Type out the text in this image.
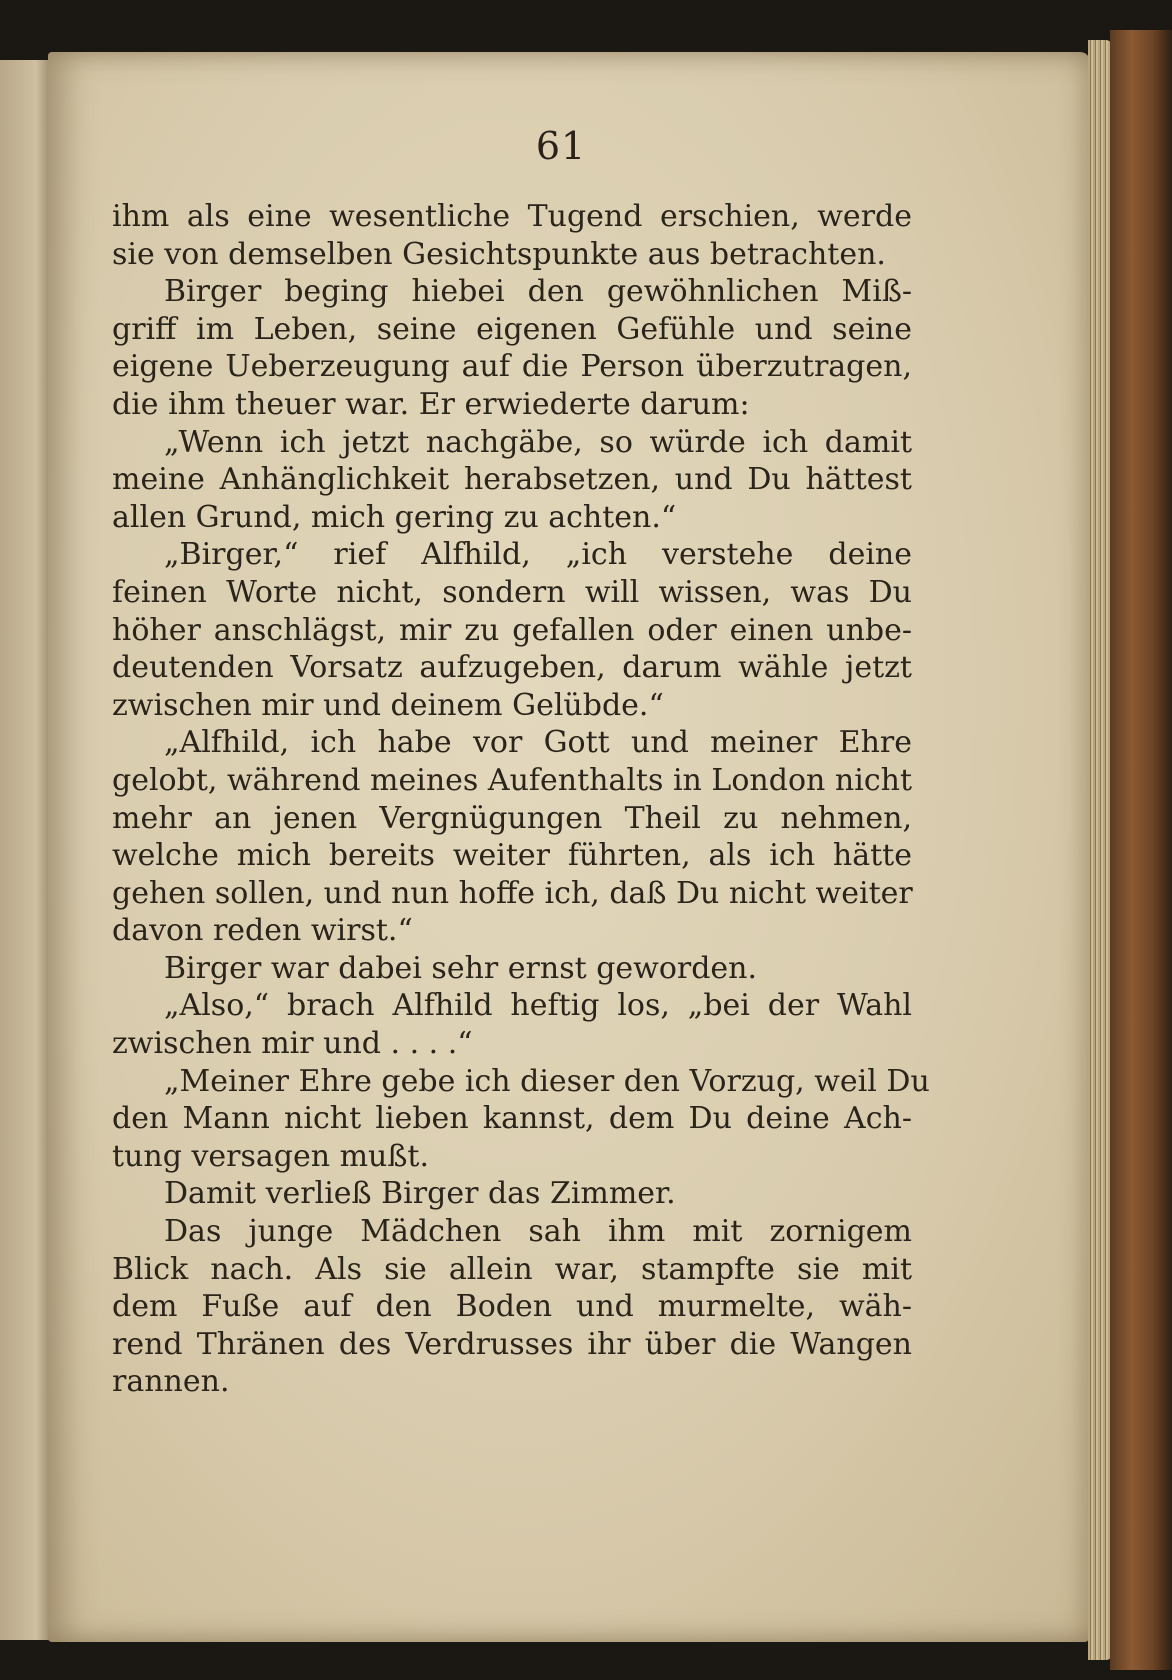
61
ihm als eine wesentliche Tugend erschien, werde
sie von demselben Gesichtspunkte aus betrachten.
Birger beging hiebei den gewöhnlichen Miß-
griff im Leben, seine eigenen Gefühle und seine
eigene Ueberzeugung auf die Person überzutragen,
die ihm theuer war. Er erwiederte darum:
„Wenn ich jetzt nachgäbe, so würde ich damit
meine Anhänglichkeit herabsetzen, und Du hättest
allen Grund, mich gering zu achten.“
„Birger,“ rief Alfhild, „ich verstehe deine
feinen Worte nicht, sondern will wissen, was Du
höher anschlägst, mir zu gefallen oder einen unbe-
deutenden Vorsatz aufzugeben, darum wähle jetzt
zwischen mir und deinem Gelübde.“
„Alfhild, ich habe vor Gott und meiner Ehre
gelobt, während meines Aufenthalts in London nicht
mehr an jenen Vergnügungen Theil zu nehmen,
welche mich bereits weiter führten, als ich hätte
gehen sollen, und nun hoffe ich, daß Du nicht weiter
davon reden wirst.“
Birger war dabei sehr ernst geworden.
„Also,“ brach Alfhild heftig los, „bei der Wahl
zwischen mir und . . . .“
„Meiner Ehre gebe ich dieser den Vorzug, weil Du
den Mann nicht lieben kannst, dem Du deine Ach-
tung versagen mußt.
Damit verließ Birger das Zimmer.
Das junge Mädchen sah ihm mit zornigem
Blick nach. Als sie allein war, stampfte sie mit
dem Fuße auf den Boden und murmelte, wäh-
rend Thränen des Verdrusses ihr über die Wangen
rannen.
